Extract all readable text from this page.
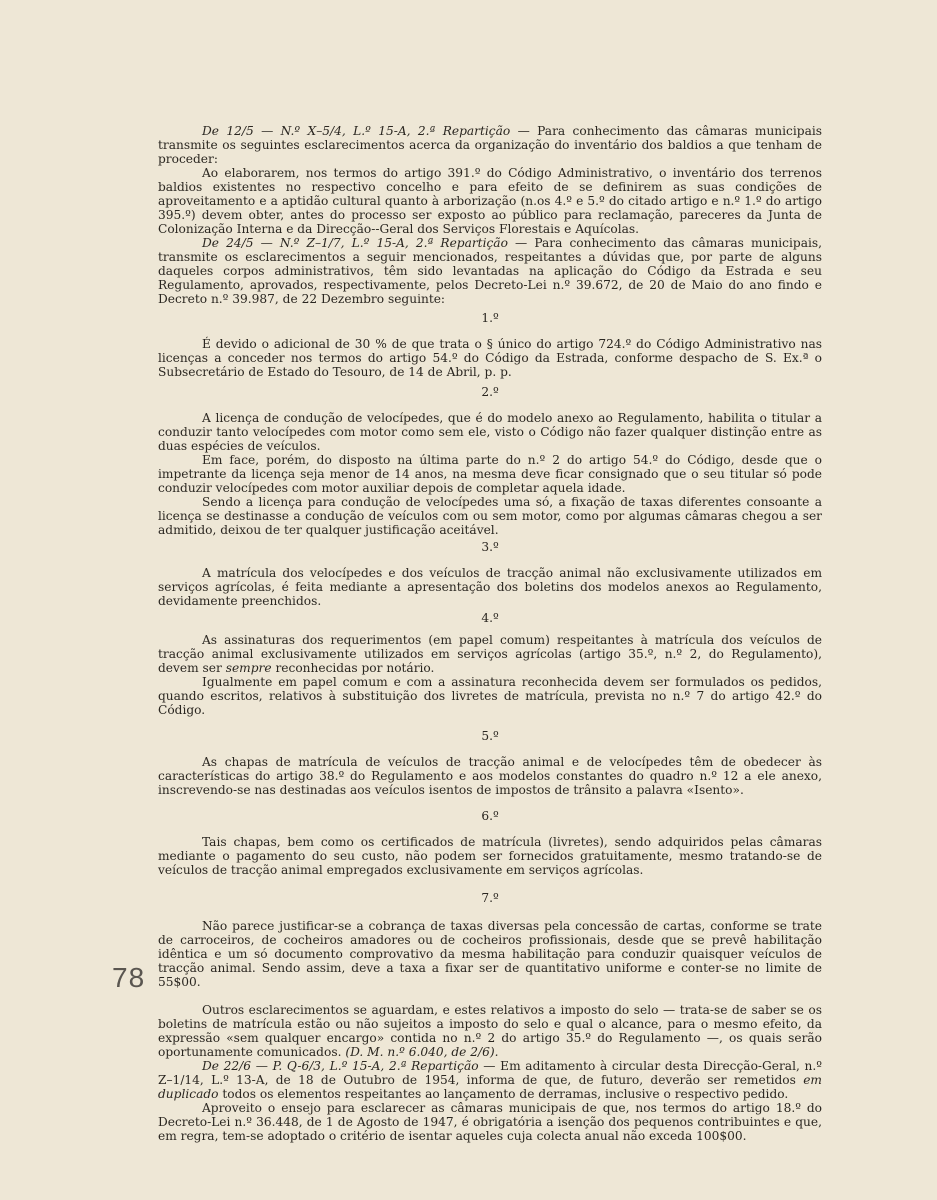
78

De 12/5 — N.º X–5/4, L.º 15-A, 2.ª Repartição — Para conhecimento das câmaras municipais transmite os seguintes esclarecimentos acerca da organização do inventário dos baldios a que tenham de proceder:

Ao elaborarem, nos termos do artigo 391.º do Código Administrativo, o inventário dos terrenos baldios existentes no respectivo concelho e para efeito de se definirem as suas condições de aproveitamento e a aptidão cultural quanto à arborização (n.os 4.º e 5.º do citado artigo e n.º 1.º do artigo 395.º) devem obter, antes do processo ser exposto ao público para reclamação, pareceres da Junta de Colonização Interna e da Direcção--Geral dos Serviços Florestais e Aquícolas.

De 24/5 — N.º Z–1/7, L.º 15-A, 2.ª Repartição — Para conhecimento das câmaras municipais, transmite os esclarecimentos a seguir mencionados, respeitantes a dúvidas que, por parte de alguns daqueles corpos administrativos, têm sido levantadas na aplicação do Código da Estrada e seu Regulamento, aprovados, respectivamente, pelos Decreto-Lei n.º 39.672, de 20 de Maio do ano findo e Decreto n.º 39.987, de 22 Dezembro seguinte:

1.º

É devido o adicional de 30 % de que trata o § único do artigo 724.º do Código Administrativo nas licenças a conceder nos termos do artigo 54.º do Código da Estrada, conforme despacho de S. Ex.ª o Subsecretário de Estado do Tesouro, de 14 de Abril, p. p.

2.º

A licença de condução de velocípedes, que é do modelo anexo ao Regulamento, habilita o titular a conduzir tanto velocípedes com motor como sem ele, visto o Código não fazer qualquer distinção entre as duas espécies de veículos.

Em face, porém, do disposto na última parte do n.º 2 do artigo 54.º do Código, desde que o impetrante da licença seja menor de 14 anos, na mesma deve ficar consignado que o seu titular só pode conduzir velocípedes com motor auxiliar depois de completar aquela idade.

Sendo a licença para condução de velocípedes uma só, a fixação de taxas diferentes consoante a licença se destinasse a condução de veículos com ou sem motor, como por algumas câmaras chegou a ser admitido, deixou de ter qualquer justificação aceitável.

3.º

A matrícula dos velocípedes e dos veículos de tracção animal não exclusivamente utilizados em serviços agrícolas, é feita mediante a apresentação dos boletins dos modelos anexos ao Regulamento, devidamente preenchidos.

4.º

As assinaturas dos requerimentos (em papel comum) respeitantes à matrícula dos veículos de tracção animal exclusivamente utilizados em serviços agrícolas (artigo 35.º, n.º 2, do Regulamento), devem ser sempre reconhecidas por notário.

Igualmente em papel comum e com a assinatura reconhecida devem ser formulados os pedidos, quando escritos, relativos à substituição dos livretes de matrícula, prevista no n.º 7 do artigo 42.º do Código.

5.º

As chapas de matrícula de veículos de tracção animal e de velocípedes têm de obedecer às características do artigo 38.º do Regulamento e aos modelos constantes do quadro n.º 12 a ele anexo, inscrevendo-se nas destinadas aos veículos isentos de impostos de trânsito a palavra «Isento».

6.º

Tais chapas, bem como os certificados de matrícula (livretes), sendo adquiridos pelas câmaras mediante o pagamento do seu custo, não podem ser fornecidos gratuitamente, mesmo tratando-se de veículos de tracção animal empregados exclusivamente em serviços agrícolas.

7.º

Não parece justificar-se a cobrança de taxas diversas pela concessão de cartas, conforme se trate de carroceiros, de cocheiros amadores ou de cocheiros profissionais, desde que se prevê habilitação idêntica e um só documento comprovativo da mesma habilitação para conduzir quaisquer veículos de tracção animal. Sendo assim, deve a taxa a fixar ser de quantitativo uniforme e conter-se no limite de 55$00.

Outros esclarecimentos se aguardam, e estes relativos a imposto do selo — trata-se de saber se os boletins de matrícula estão ou não sujeitos a imposto do selo e qual o alcance, para o mesmo efeito, da expressão «sem qualquer encargo» contida no n.º 2 do artigo 35.º do Regulamento —, os quais serão oportunamente comunicados. (D. M. n.º 6.040, de 2/6).

De 22/6 — P. Q-6/3, L.º 15-A, 2.ª Repartição — Em aditamento à circular desta Direcção-Geral, n.º Z–1/14, L.º 13-A, de 18 de Outubro de 1954, informa de que, de futuro, deverão ser remetidos em duplicado todos os elementos respeitantes ao lançamento de derramas, inclusive o respectivo pedido.

Aproveito o ensejo para esclarecer as câmaras municipais de que, nos termos do artigo 18.º do Decreto-Lei n.º 36.448, de 1 de Agosto de 1947, é obrigatória a isenção dos pequenos contribuintes e que, em regra, tem-se adoptado o critério de isentar aqueles cuja colecta anual não exceda 100$00.
